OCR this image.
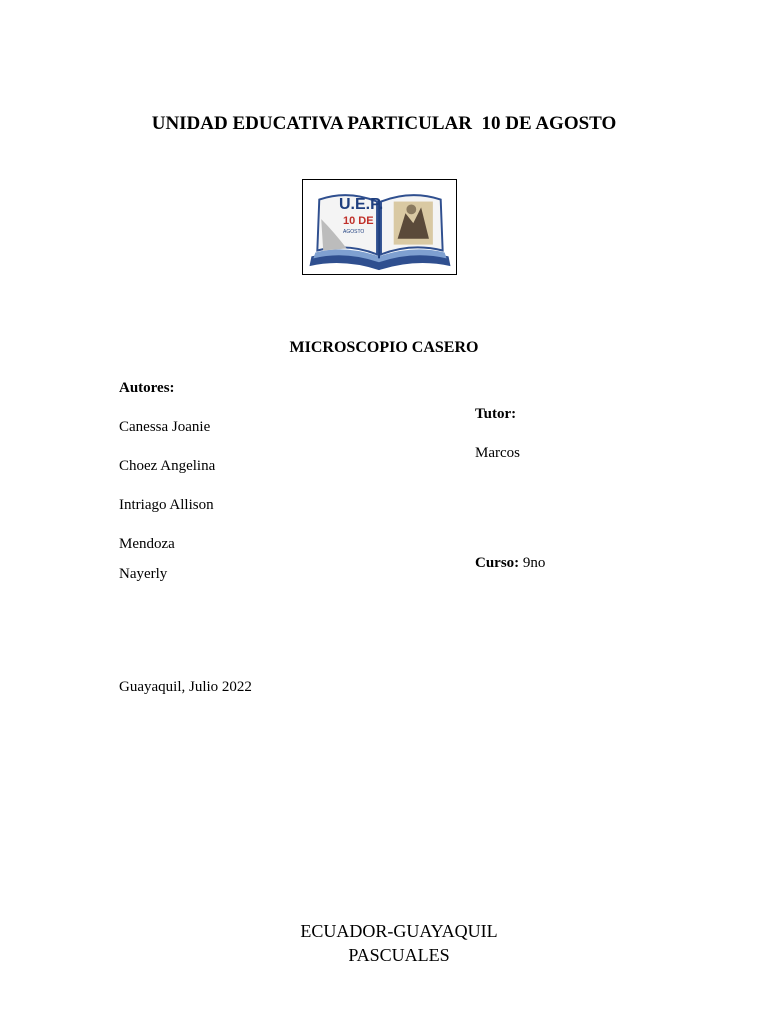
UNIDAD EDUCATIVA PARTICULAR  10 DE AGOSTO
U.E.P.
10 DE
AGOSTO
MICROSCOPIO CASERO
Autores:
Canessa Joanie
Choez Angelina
Intriago Allison
Mendoza
Nayerly
Tutor:
Marcos
Curso: 9no
Guayaquil, Julio 2022
ECUADOR-GUAYAQUIL
PASCUALES
